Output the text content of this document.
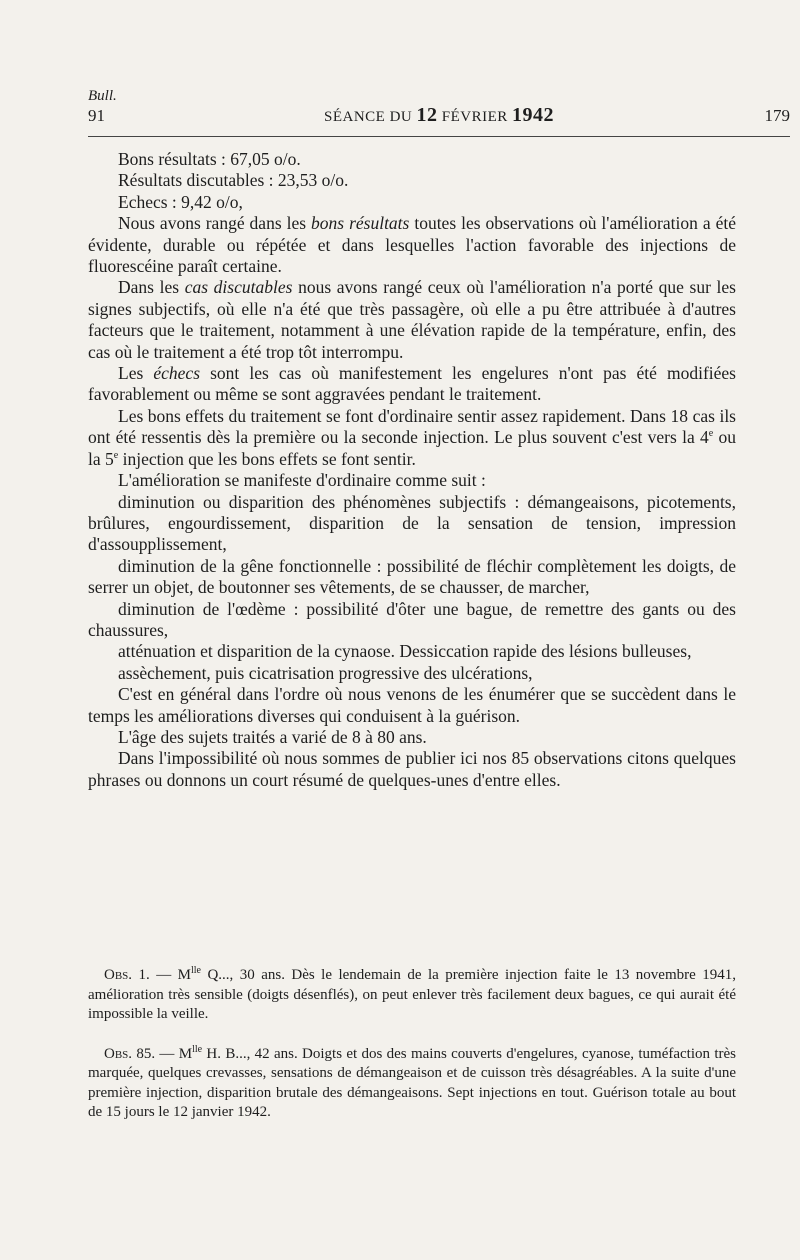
Bull.
91	SÉANCE DU 12 FÉVRIER 1942	179

Bons résultats : 67,05 o/o.

Résultats discutables : 23,53 o/o.

Echecs : 9,42 o/o,

Nous avons rangé dans les bons résultats toutes les observations où l'amélioration a été évidente, durable ou répétée et dans lesquelles l'action favorable des injections de fluorescéine paraît certaine.

Dans les cas discutables nous avons rangé ceux où l'amélioration n'a porté que sur les signes subjectifs, où elle n'a été que très passagère, où elle a pu être attribuée à d'autres facteurs que le traitement, notamment à une élévation rapide de la température, enfin, des cas où le traitement a été trop tôt interrompu.

Les échecs sont les cas où manifestement les engelures n'ont pas été modifiées favorablement ou même se sont aggravées pendant le traitement.

Les bons effets du traitement se font d'ordinaire sentir assez rapidement. Dans 18 cas ils ont été ressentis dès la première ou la seconde injection. Le plus souvent c'est vers la 4e ou la 5e injection que les bons effets se font sentir.

L'amélioration se manifeste d'ordinaire comme suit :

diminution ou disparition des phénomènes subjectifs : démangeaisons, picotements, brûlures, engourdissement, disparition de la sensation de tension, impression d'assoupplissement,

diminution de la gêne fonctionnelle : possibilité de fléchir complètement les doigts, de serrer un objet, de boutonner ses vêtements, de se chausser, de marcher,

diminution de l'œdème : possibilité d'ôter une bague, de remettre des gants ou des chaussures,

atténuation et disparition de la cynaose. Dessiccation rapide des lésions bulleuses,

assèchement, puis cicatrisation progressive des ulcérations,

C'est en général dans l'ordre où nous venons de les énumérer que se succèdent dans le temps les améliorations diverses qui conduisent à la guérison.

L'âge des sujets traités a varié de 8 à 80 ans.

Dans l'impossibilité où nous sommes de publier ici nos 85 observations citons quelques phrases ou donnons un court résumé de quelques-unes d'entre elles.

Obs. 1. — $M^{lle}$ Q..., 30 ans. Dès le lendemain de la première injection faite le 13 novembre 1941, amélioration très sensible (doigts désenflés), on peut enlever très facilement deux bagues, ce qui aurait été impossible la veille.

Obs. 85. — $M^{lle}$ H. B..., 42 ans. Doigts et dos des mains couverts d'engelures, cyanose, tuméfaction très marquée, quelques crevasses, sensations de démangeaison et de cuisson très désagréables. A la suite d'une première injection, disparition brutale des démangeaisons. Sept injections en tout. Guérison totale au bout de 15 jours le 12 janvier 1942.
